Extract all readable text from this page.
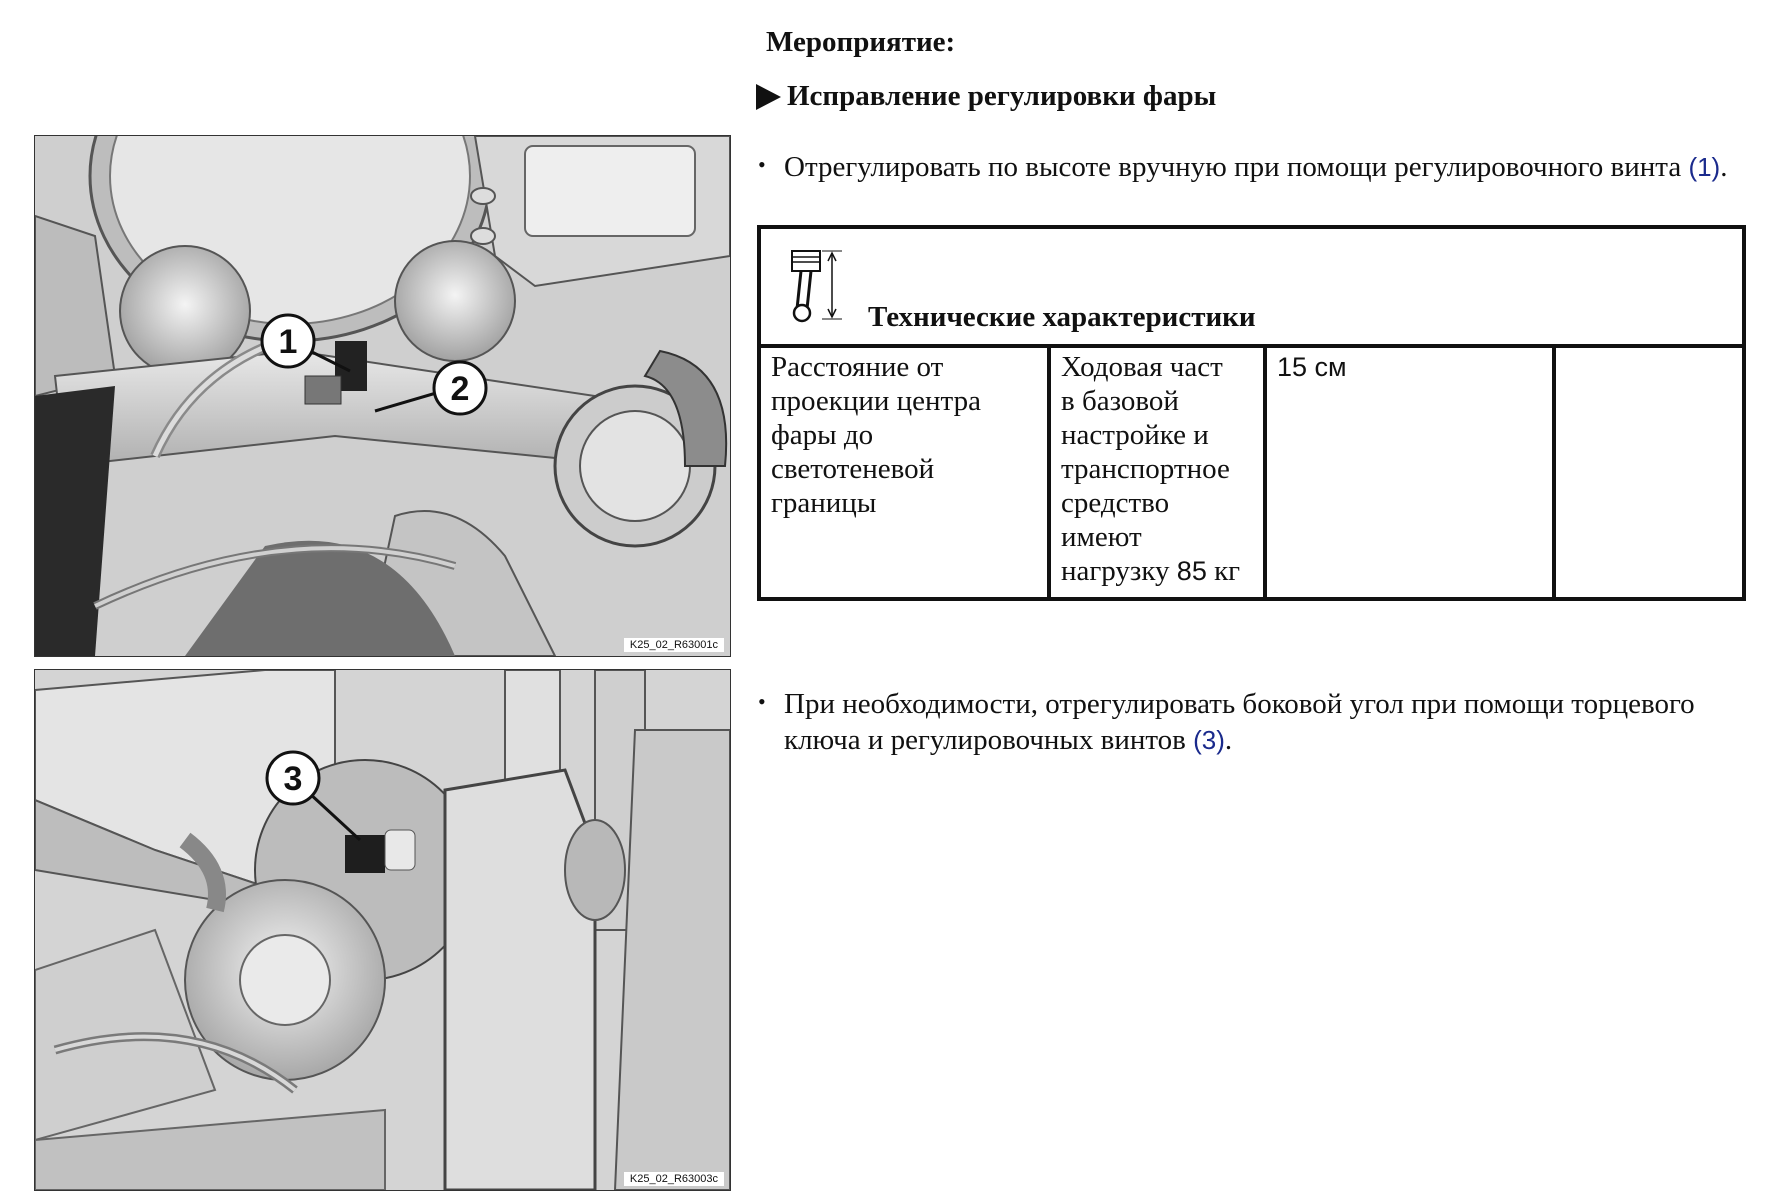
1
2
K25_02_R63001c
3
K25_02_R63003c
Мероприятие:
Исправление регулировки фары
• Отрегулировать по высоте вручную при помощи регулировочного винта (1).
Технические характеристики
Расстояние от проекции центра фары до светотеневой границы
Ходовая част
в базовой
настройке и
транспортное
средство
имеют
нагрузку 85 кг
15 см
• При необходимости, отрегулировать боковой угол при помощи торцевого ключа и регулировочных винтов (3).
